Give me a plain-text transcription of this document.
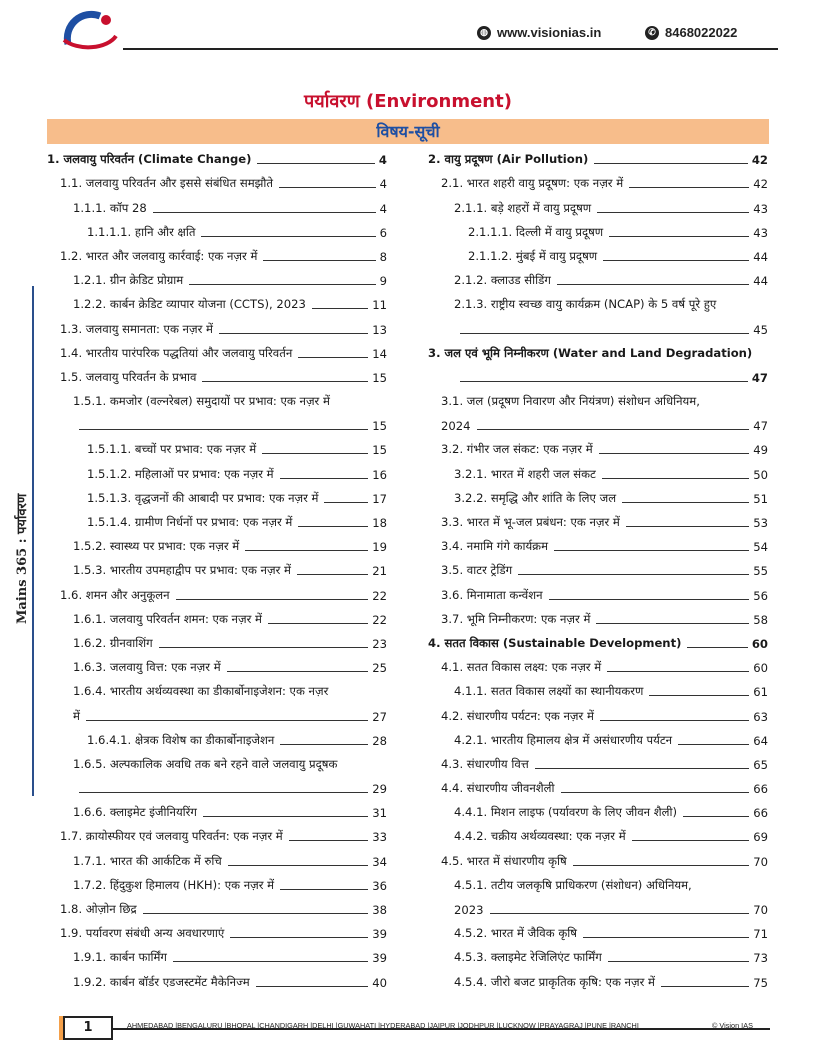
◍ www.visionias.in	✆ 8468022022
पर्यावरण (Environment)
विषय-सूची
Mains 365 : पर्यावरण
1. जलवायु परिवर्तन (Climate Change)	4
1.1. जलवायु परिवर्तन और इससे संबंधित समझौते	4
1.1.1. कॉप 28	4
1.1.1.1. हानि और क्षति	6
1.2. भारत और जलवायु कार्रवाई: एक नज़र में	8
1.2.1. ग्रीन क्रेडिट प्रोग्राम	9
1.2.2. कार्बन क्रेडिट व्यापार योजना (CCTS), 2023	11
1.3. जलवायु समानता: एक नज़र में	13
1.4. भारतीय पारंपरिक पद्धतियां और जलवायु परिवर्तन	14
1.5. जलवायु परिवर्तन के प्रभाव	15
1.5.1. कमजोर (वल्नरेबल) समुदायों पर प्रभाव: एक नज़र में
15
1.5.1.1. बच्चों पर प्रभाव: एक नज़र में	15
1.5.1.2. महिलाओं पर प्रभाव: एक नज़र में	16
1.5.1.3. वृद्धजनों की आबादी पर प्रभाव: एक नज़र में	17
1.5.1.4. ग्रामीण निर्धनों पर प्रभाव: एक नज़र में	18
1.5.2. स्वास्थ्य पर प्रभाव: एक नज़र में	19
1.5.3. भारतीय उपमहाद्वीप पर प्रभाव: एक नज़र में	21
1.6. शमन और अनुकूलन	22
1.6.1. जलवायु परिवर्तन शमन: एक नज़र में	22
1.6.2. ग्रीनवाशिंग	23
1.6.3. जलवायु वित्त: एक नज़र में	25
1.6.4. भारतीय अर्थव्यवस्था का डीकार्बोनाइजेशन: एक नज़र
में	27
1.6.4.1. क्षेत्रक विशेष का डीकार्बोनाइजेशन	28
1.6.5. अल्पकालिक अवधि तक बने रहने वाले जलवायु प्रदूषक
29
1.6.6. क्लाइमेट इंजीनियरिंग	31
1.7. क्रायोस्फीयर एवं जलवायु परिवर्तन: एक नज़र में	33
1.7.1. भारत की आर्कटिक में रुचि	34
1.7.2. हिंदुकुश हिमालय (HKH): एक नज़र में	36
1.8. ओज़ोन छिद्र	38
1.9. पर्यावरण संबंधी अन्य अवधारणाएं	39
1.9.1. कार्बन फार्मिंग	39
1.9.2. कार्बन बॉर्डर एडजस्टमेंट मैकेनिज्म	40
2. वायु प्रदूषण (Air Pollution)	42
2.1. भारत शहरी वायु प्रदूषण: एक नज़र में	42
2.1.1. बड़े शहरों में वायु प्रदूषण	43
2.1.1.1. दिल्ली में वायु प्रदूषण	43
2.1.1.2. मुंबई में वायु प्रदूषण	44
2.1.2. क्लाउड सीडिंग	44
2.1.3. राष्ट्रीय स्वच्छ वायु कार्यक्रम (NCAP) के 5 वर्ष पूरे हुए
45
3. जल एवं भूमि निम्नीकरण (Water and Land Degradation)
47
3.1. जल (प्रदूषण निवारण और नियंत्रण) संशोधन अधिनियम,
2024	47
3.2. गंभीर जल संकट: एक नज़र में	49
3.2.1. भारत में शहरी जल संकट	50
3.2.2. समृद्धि और शांति के लिए जल	51
3.3. भारत में भू-जल प्रबंधन: एक नज़र में	53
3.4. नमामि गंगे कार्यक्रम	54
3.5. वाटर ट्रेडिंग	55
3.6. मिनामाता कन्वेंशन	56
3.7. भूमि निम्नीकरण: एक नज़र में	58
4. सतत विकास (Sustainable Development)	60
4.1. सतत विकास लक्ष्य: एक नज़र में	60
4.1.1. सतत विकास लक्ष्यों का स्थानीयकरण	61
4.2. संधारणीय पर्यटन: एक नज़र में	63
4.2.1. भारतीय हिमालय क्षेत्र में असंधारणीय पर्यटन	64
4.3. संधारणीय वित्त	65
4.4. संधारणीय जीवनशैली	66
4.4.1. मिशन लाइफ (पर्यावरण के लिए जीवन शैली)	66
4.4.2. चक्रीय अर्थव्यवस्था: एक नज़र में	69
4.5. भारत में संधारणीय कृषि	70
4.5.1. तटीय जलकृषि प्राधिकरण (संशोधन) अधिनियम,
2023	70
4.5.2. भारत में जैविक कृषि	71
4.5.3. क्लाइमेट रेजिलिएंट फार्मिंग	73
4.5.4. जीरो बजट प्राकृतिक कृषि: एक नज़र में	75
1	AHMEDABAD |BENGALURU |BHOPAL |CHANDIGARH |DELHI |GUWAHATI |HYDERABAD |JAIPUR |JODHPUR |LUCKNOW |PRAYAGRAJ |PUNE |RANCHI	© Vision IAS
